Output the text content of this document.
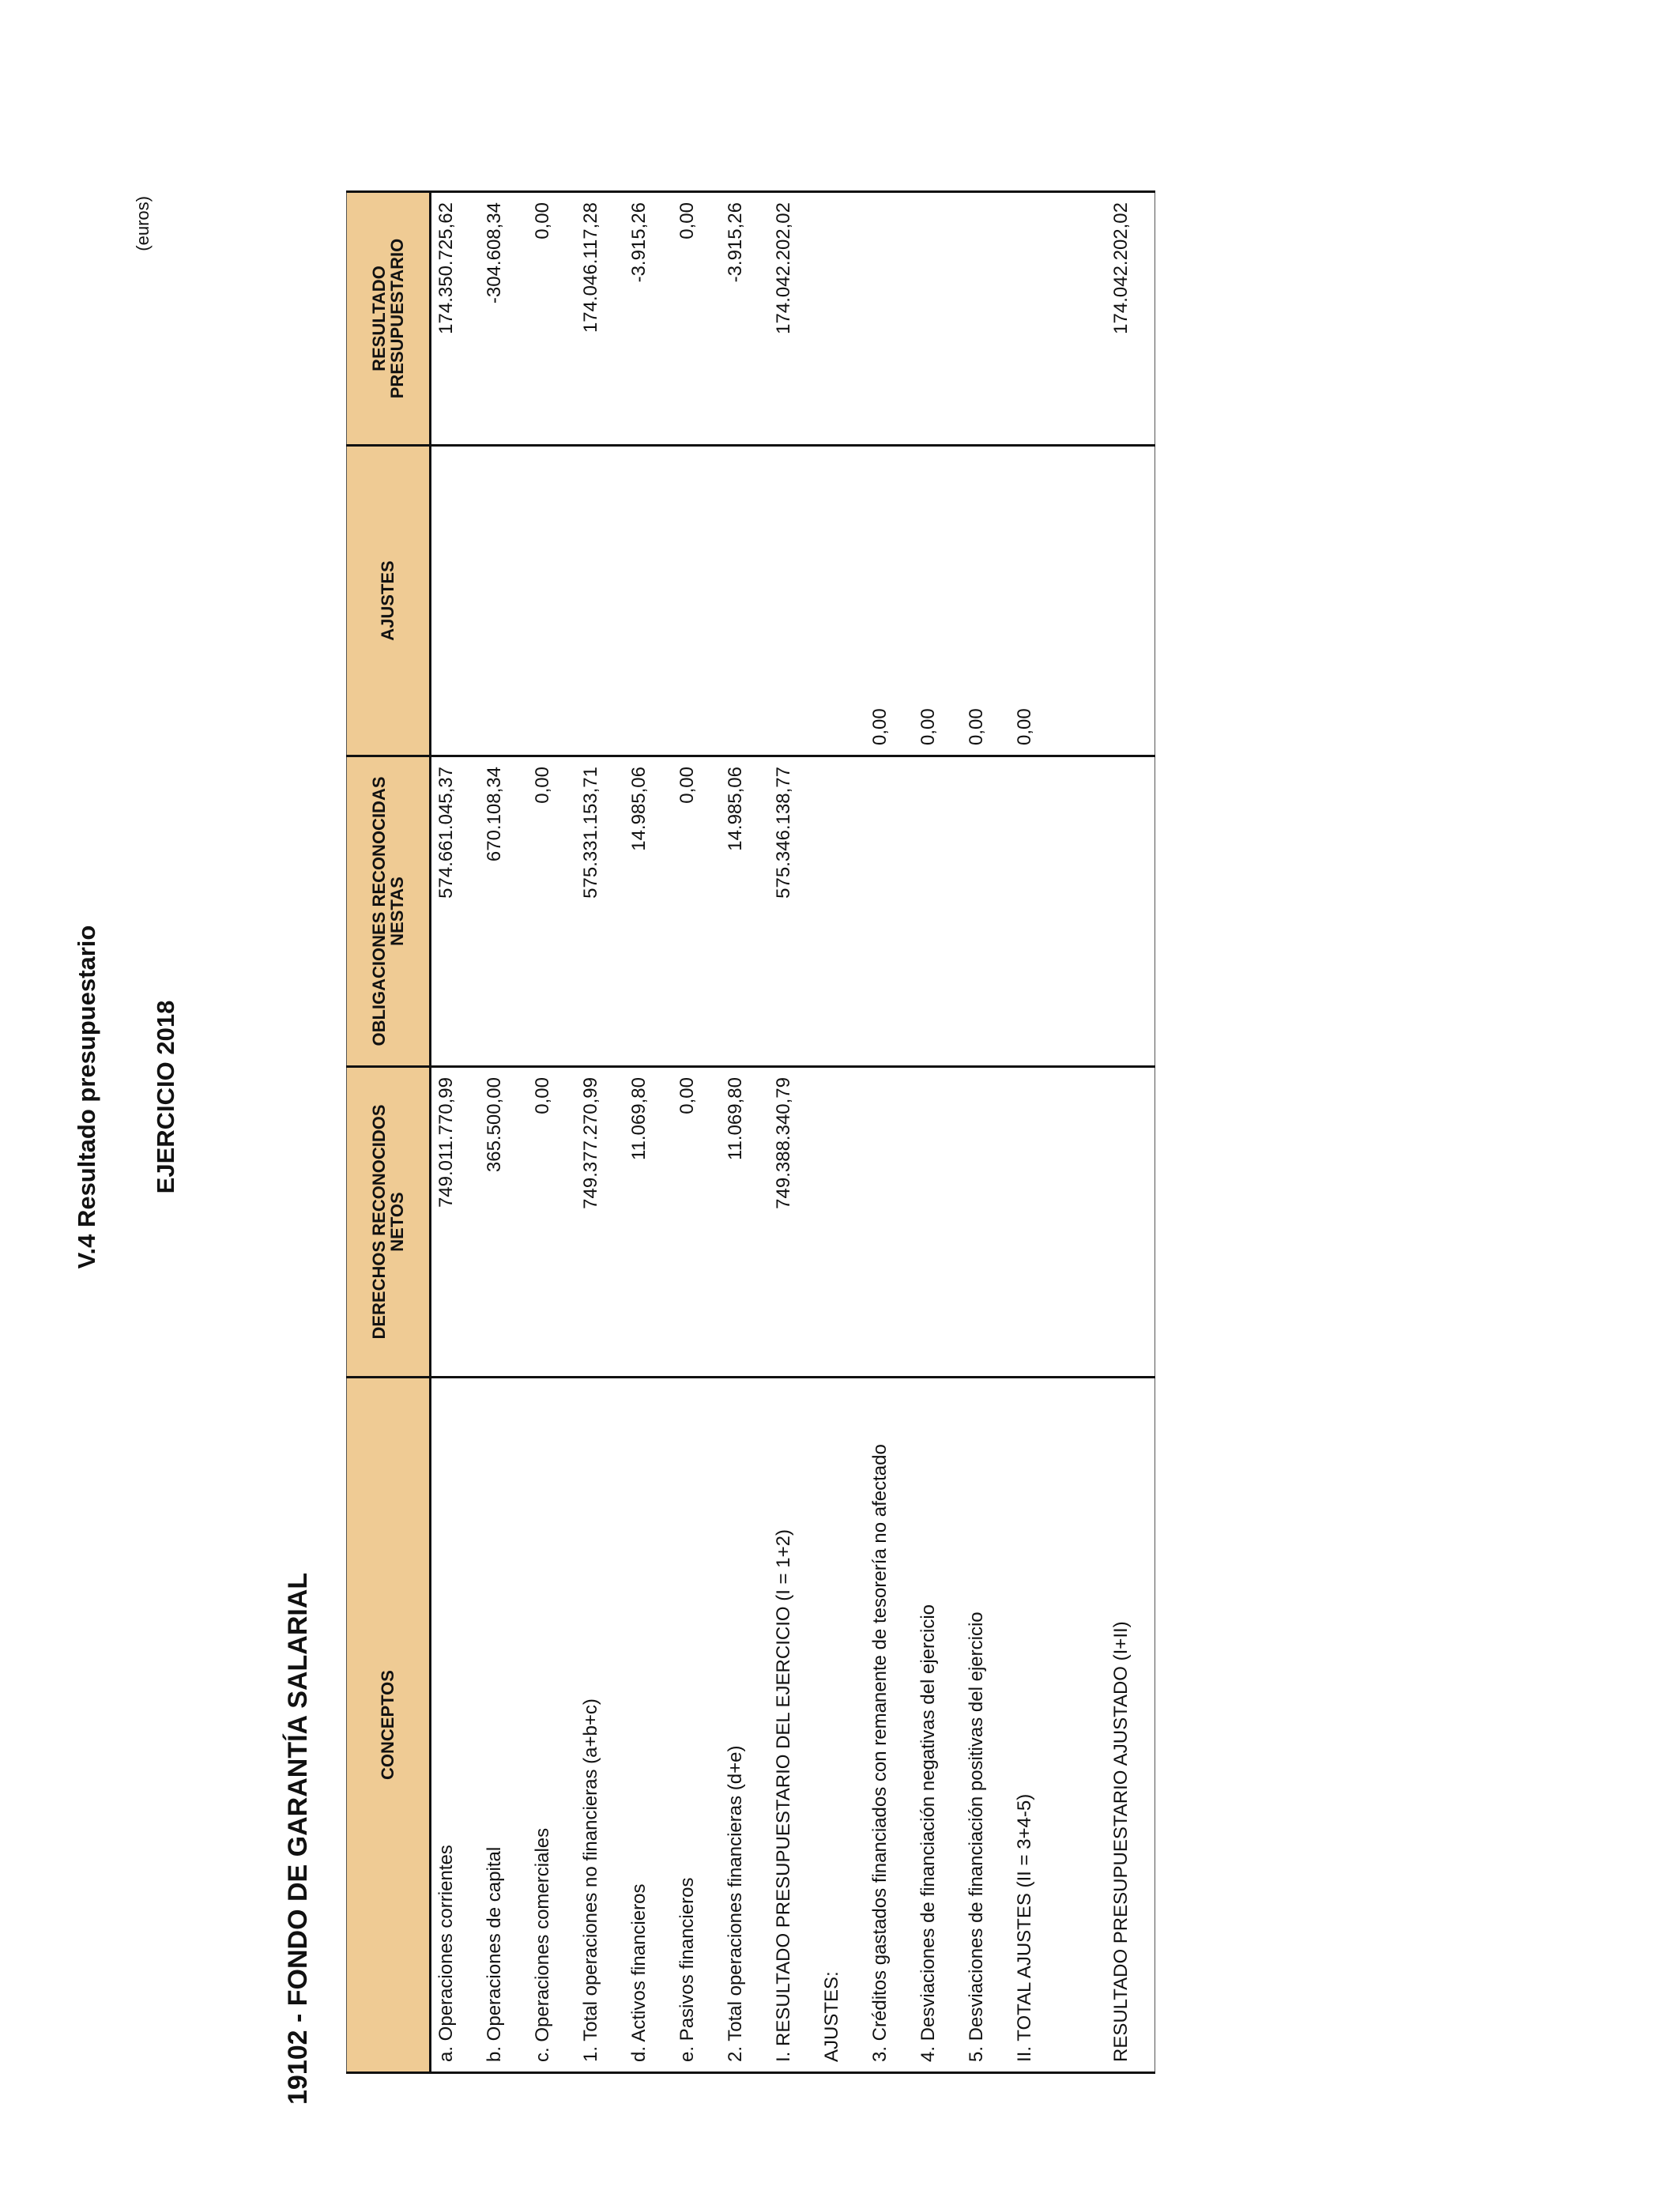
V.4 Resultado presupuestario EJERCICIO 2018
19102 - FONDO DE GARANTÍA SALARIAL
(euros)
CONCEPTOS	DERECHOS RECONOCIDOS NETOS	OBLIGACIONES RECONOCIDAS NESTAS	AJUSTES	RESULTADO PRESUPUESTARIO
a. Operaciones corrientes	749.011.770,99	574.661.045,37		174.350.725,62
b. Operaciones de capital	365.500,00	670.108,34		-304.608,34
c. Operaciones comerciales	0,00	0,00		0,00
1. Total operaciones no financieras (a+b+c)	749.377.270,99	575.331.153,71		174.046.117,28
d. Activos financieros	11.069,80	14.985,06		-3.915,26
e. Pasivos financieros	0,00	0,00		0,00
2. Total operaciones financieras (d+e)	11.069,80	14.985,06		-3.915,26
I. RESULTADO PRESUPUESTARIO DEL EJERCICIO (I = 1+2)	749.388.340,79	575.346.138,77		174.042.202,02
AJUSTES:				
3. Créditos gastados financiados con remanente de tesorería no afectado			0,00	
4. Desviaciones de financiación negativas del ejercicio			0,00	
5. Desviaciones de financiación positivas del ejercicio			0,00	
II. TOTAL AJUSTES (II = 3+4-5)			0,00	

RESULTADO PRESUPUESTARIO AJUSTADO (I+II)				174.042.202,02
